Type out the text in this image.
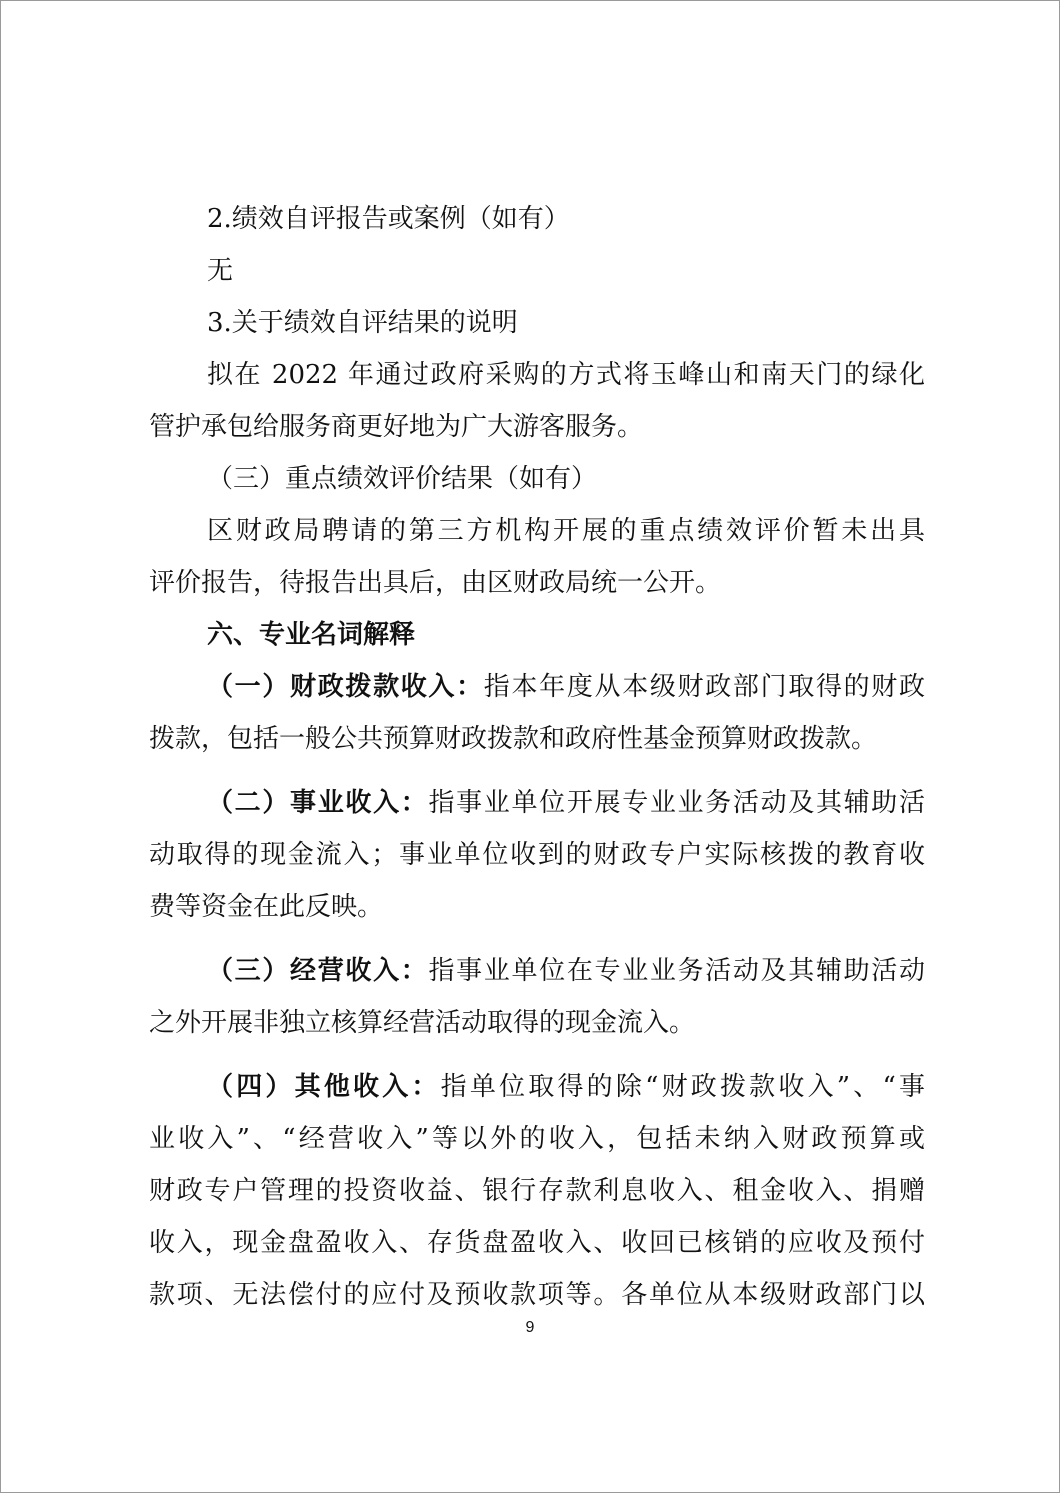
2.绩效自评报告或案例（如有）
无
3.关于绩效自评结果的说明
拟在 2022 年通过政府采购的方式将玉峰山和南天门的绿化
管护承包给服务商更好地为广大游客服务。
（三）重点绩效评价结果（如有）
区财政局聘请的第三方机构开展的重点绩效评价暂未出具
评价报告，待报告出具后，由区财政局统一公开。
六、专业名词解释
（一）财政拨款收入：指本年度从本级财政部门取得的财政
拨款，包括一般公共预算财政拨款和政府性基金预算财政拨款。
（二）事业收入：指事业单位开展专业业务活动及其辅助活
动取得的现金流入；事业单位收到的财政专户实际核拨的教育收
费等资金在此反映。
（三）经营收入：指事业单位在专业业务活动及其辅助活动
之外开展非独立核算经营活动取得的现金流入。
（四）其他收入：指单位取得的除“财政拨款收入”、“事
业收入”、“经营收入”等以外的收入，包括未纳入财政预算或
财政专户管理的投资收益、银行存款利息收入、租金收入、捐赠
收入，现金盘盈收入、存货盘盈收入、收回已核销的应收及预付
款项、无法偿付的应付及预收款项等。各单位从本级财政部门以
9
